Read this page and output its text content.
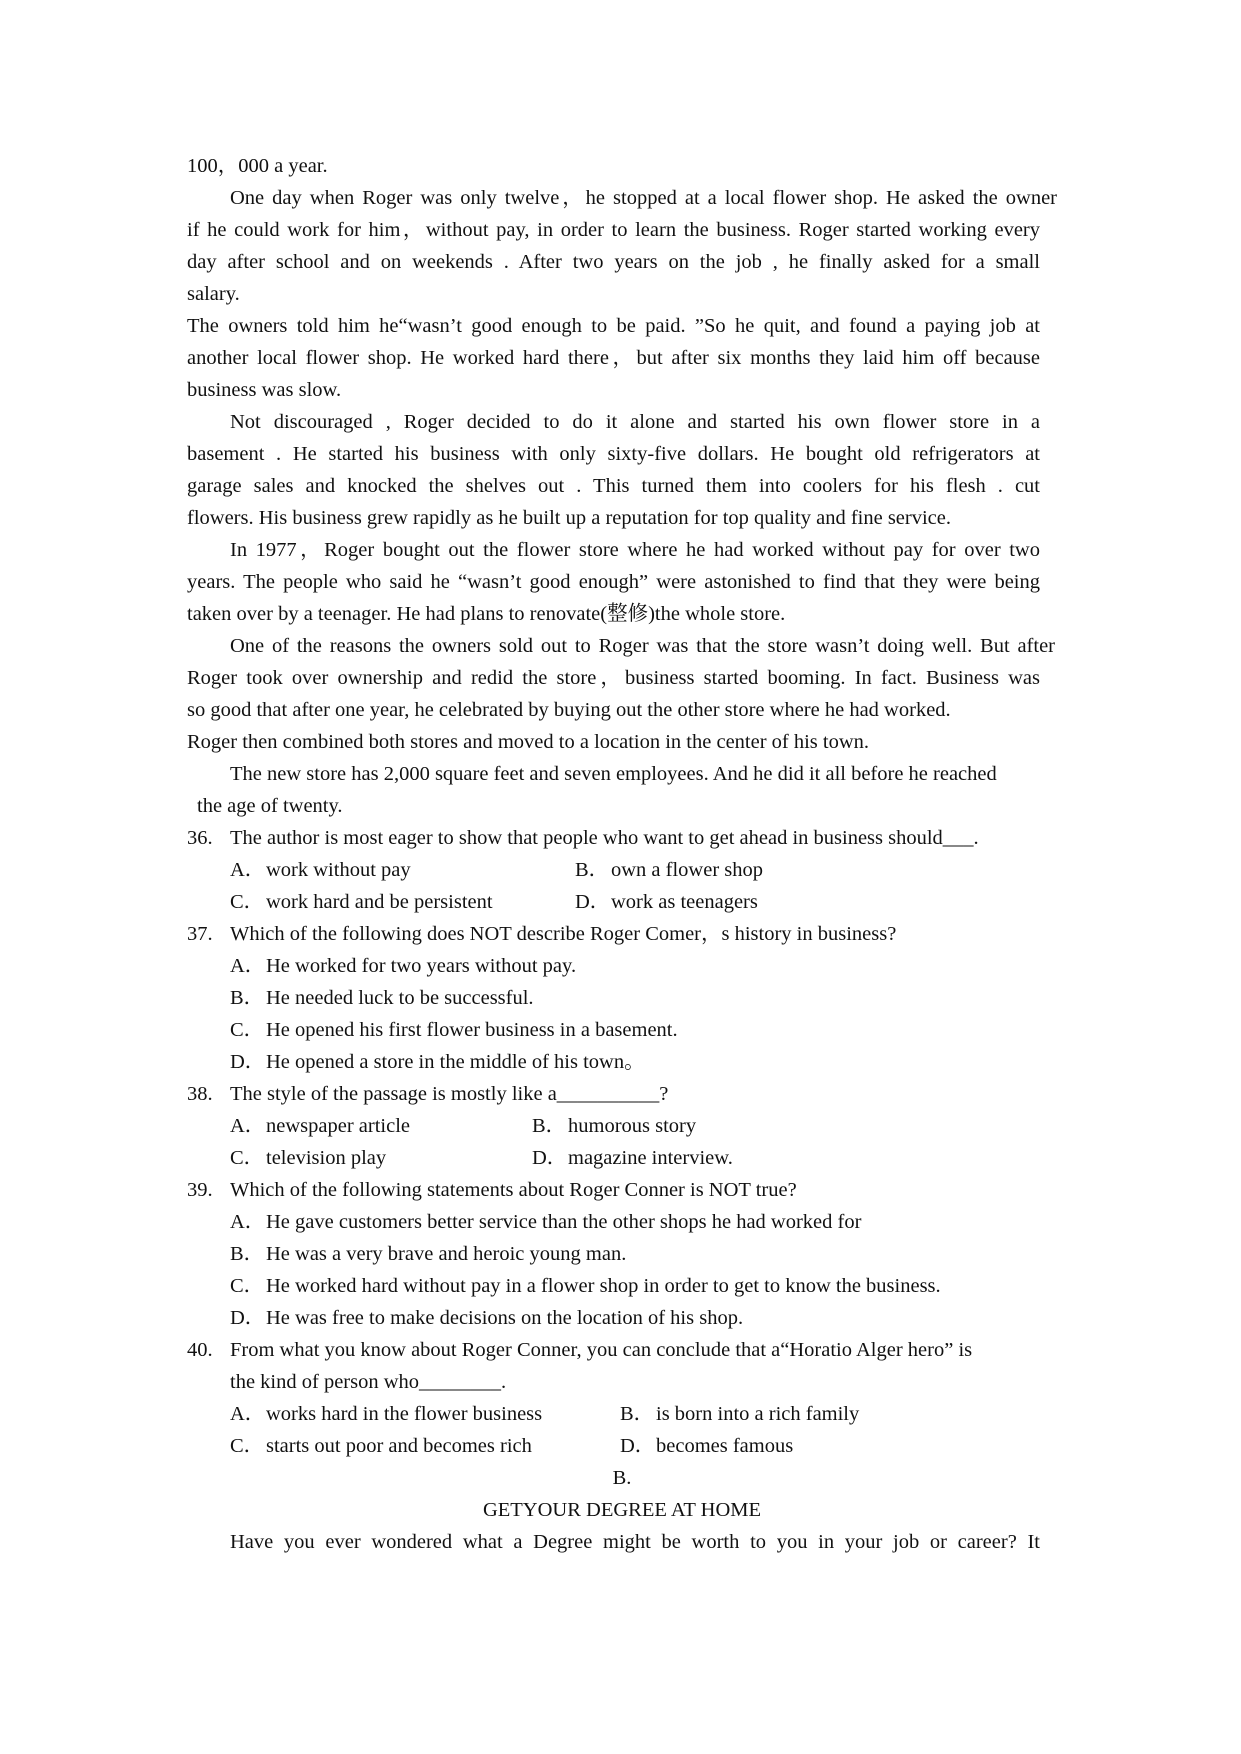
100，000 a year.
One day when Roger was only twelve，he stopped at a local flower shop. He asked the owner
if he could work for him，without pay, in order to learn the business. Roger started working every
day after school and on weekends . After two years on the job , he finally asked for a small
salary.
The owners told him he“wasn’t good enough to be paid. ”So he quit, and found a paying job at
another local flower shop. He worked hard there，but after six months they laid him off because
business was slow.
Not discouraged , Roger decided to do it alone and started his own flower store in a
basement . He started his business with only sixty-five dollars. He bought old refrigerators at
garage sales and knocked the shelves out . This turned them into coolers for his flesh . cut
flowers. His business grew rapidly as he built up a reputation for top quality and fine service.
In 1977，Roger bought out the flower store where he had worked without pay for over two
years. The people who said he “wasn’t good enough” were astonished to find that they were being
taken over by a teenager. He had plans to renovate(整修)the whole store.
One of the reasons the owners sold out to Roger was that the store wasn’t doing well. But after
Roger took over ownership and redid the store，business started booming. In fact. Business was
so good that after one year, he celebrated by buying out the other store where he had worked.
Roger then combined both stores and moved to a location in the center of his town.
The new store has 2,000 square feet and seven employees. And he did it all before he reached
the age of twenty.
36. The author is most eager to show that people who want to get ahead in business should___.
A．work without pay	B．own a flower shop
C．work hard and be persistent	D．work as teenagers
37. Which of the following does NOT describe Roger Comer，s history in business?
A．He worked for two years without pay.
B．He needed luck to be successful.
C．He opened his first flower business in a basement.
D．He opened a store in the middle of his town。
38. The style of the passage is mostly like a__________?
A．newspaper article	B．humorous story
C．television play	D．magazine interview.
39. Which of the following statements about Roger Conner is NOT true?
A．He gave customers better service than the other shops he had worked for
B．He was a very brave and heroic young man.
C．He worked hard without pay in a flower shop in order to get to know the business.
D．He was free to make decisions on the location of his shop.
40. From what you know about Roger Conner, you can conclude that a“Horatio Alger hero” is
the kind of person who________.
A．works hard in the flower business	B．is born into a rich family
C．starts out poor and becomes rich	D．becomes famous
B.
GETYOUR DEGREE AT HOME
Have you ever wondered what a Degree might be worth to you in your job or career? It
